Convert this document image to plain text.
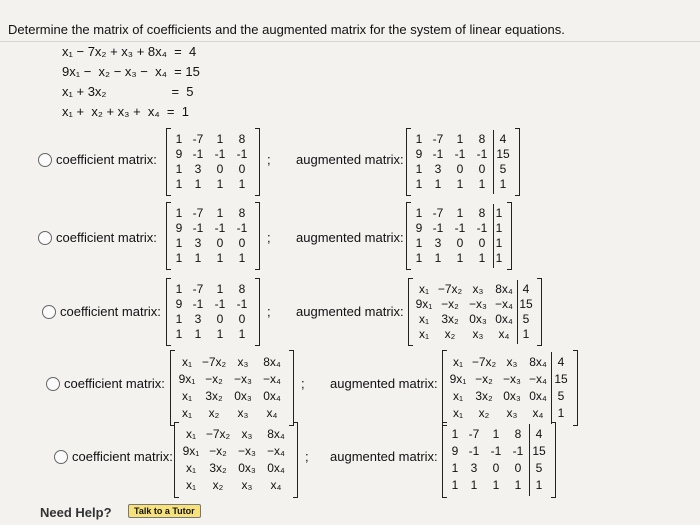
Determine the matrix of coefficients and the augmented matrix for the system of linear equations.
x₁ − 7x₂ + x₃ + 8x₄  =  4
9x₁ −  x₂ − x₃ −  x₄  = 15
x₁ + 3x₂                  =  5
x₁ +  x₂ + x₃ +  x₄  =  1
coefficient matrix:
1 -7 1 8
9 -1 -1 -1
1 3 0 0
1 1 1 1
; augmented matrix:
1 -7 1 8 4
9 -1 -1 -1 15
1 3 0 0 5
1 1 1 1 1
coefficient matrix:
1 -7 1 8
9 -1 -1 -1
1 3 0 0
1 1 1 1
; augmented matrix:
1 -7 1 8 1
9 -1 -1 -1 1
1 3 0 0 1
1 1 1 1 1
coefficient matrix:
1 -7 1 8
9 -1 -1 -1
1 3 0 0
1 1 1 1
; augmented matrix:
x₁ −7x₂ x₃ 8x₄ 4
9x₁ −x₂ −x₃ −x₄ 15
x₁ 3x₂ 0x₃ 0x₄ 5
x₁ x₂ x₃ x₄ 1
coefficient matrix:
x₁ −7x₂ x₃ 8x₄
9x₁ −x₂ −x₃ −x₄
x₁ 3x₂ 0x₃ 0x₄
x₁ x₂ x₃ x₄
; augmented matrix:
x₁ −7x₂ x₃ 8x₄ 4
9x₁ −x₂ −x₃ −x₄ 15
x₁ 3x₂ 0x₃ 0x₄ 5
x₁ x₂ x₃ x₄ 1
coefficient matrix:
x₁ −7x₂ x₃ 8x₄
9x₁ −x₂ −x₃ −x₄
x₁ 3x₂ 0x₃ 0x₄
x₁ x₂ x₃ x₄
; augmented matrix:
1 -7 1 8 4
9 -1 -1 -1 15
1 3 0 0 5
1 1 1 1 1
Need Help?	Talk to a Tutor
